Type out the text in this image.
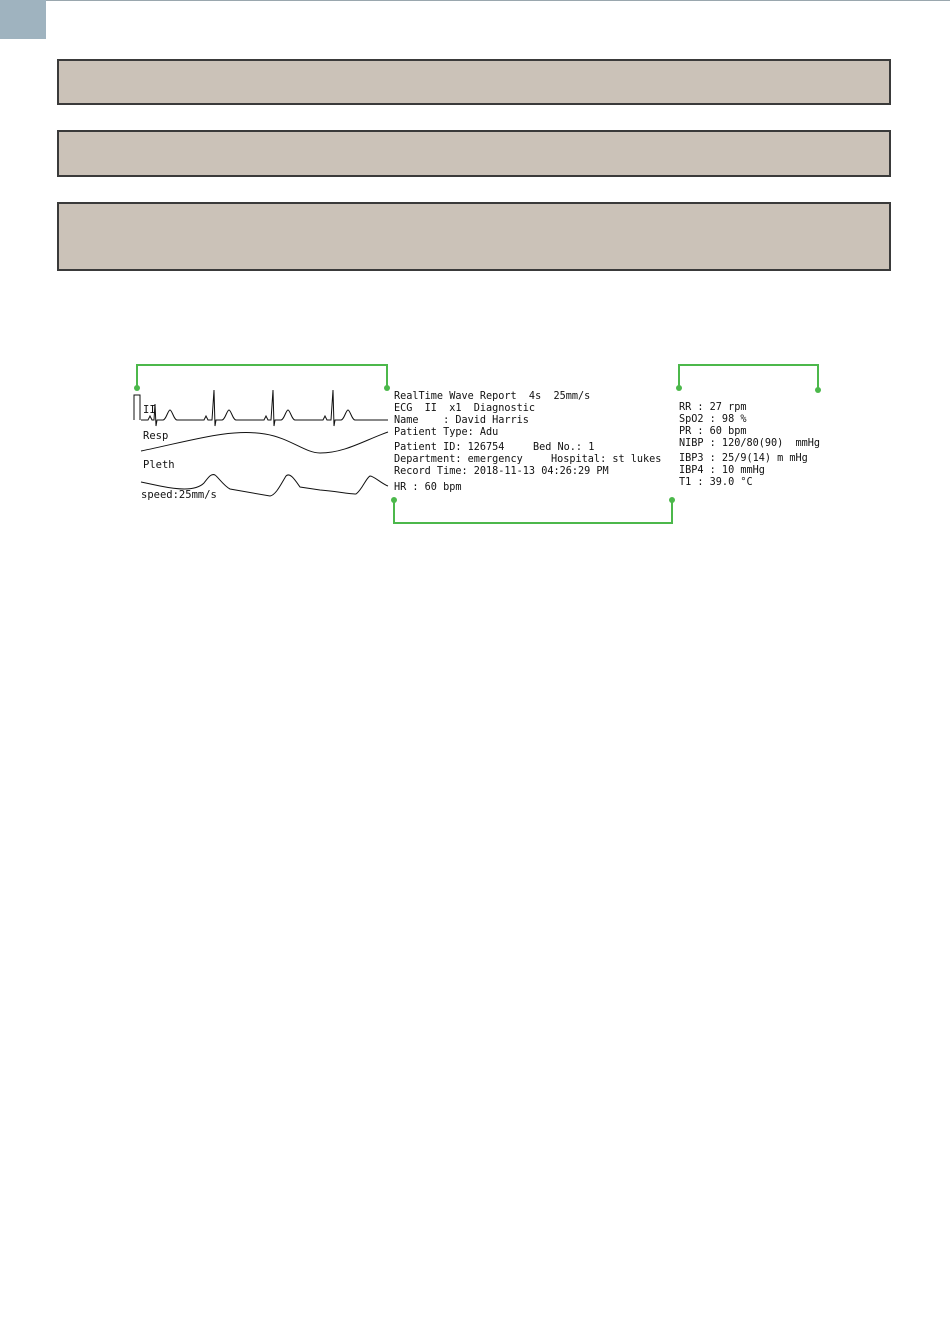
II
Resp
Pleth
speed:25mm/s
RealTime Wave Report  4s  25mm/s
ECG  II  x1  Diagnostic
Name    : David Harris
Patient Type: Adu
Patient ID: 126754	Bed No.: 1
Department: emergency	Hospital: st lukes
Record Time: 2018-11-13 04:26:29 PM
HR : 60 bpm
RR : 27 rpm
SpO2 : 98 %
PR : 60 bpm
NIBP : 120/80(90)  mmHg
IBP3 : 25/9(14) m mHg
IBP4 : 10 mmHg
T1 : 39.0 °C
